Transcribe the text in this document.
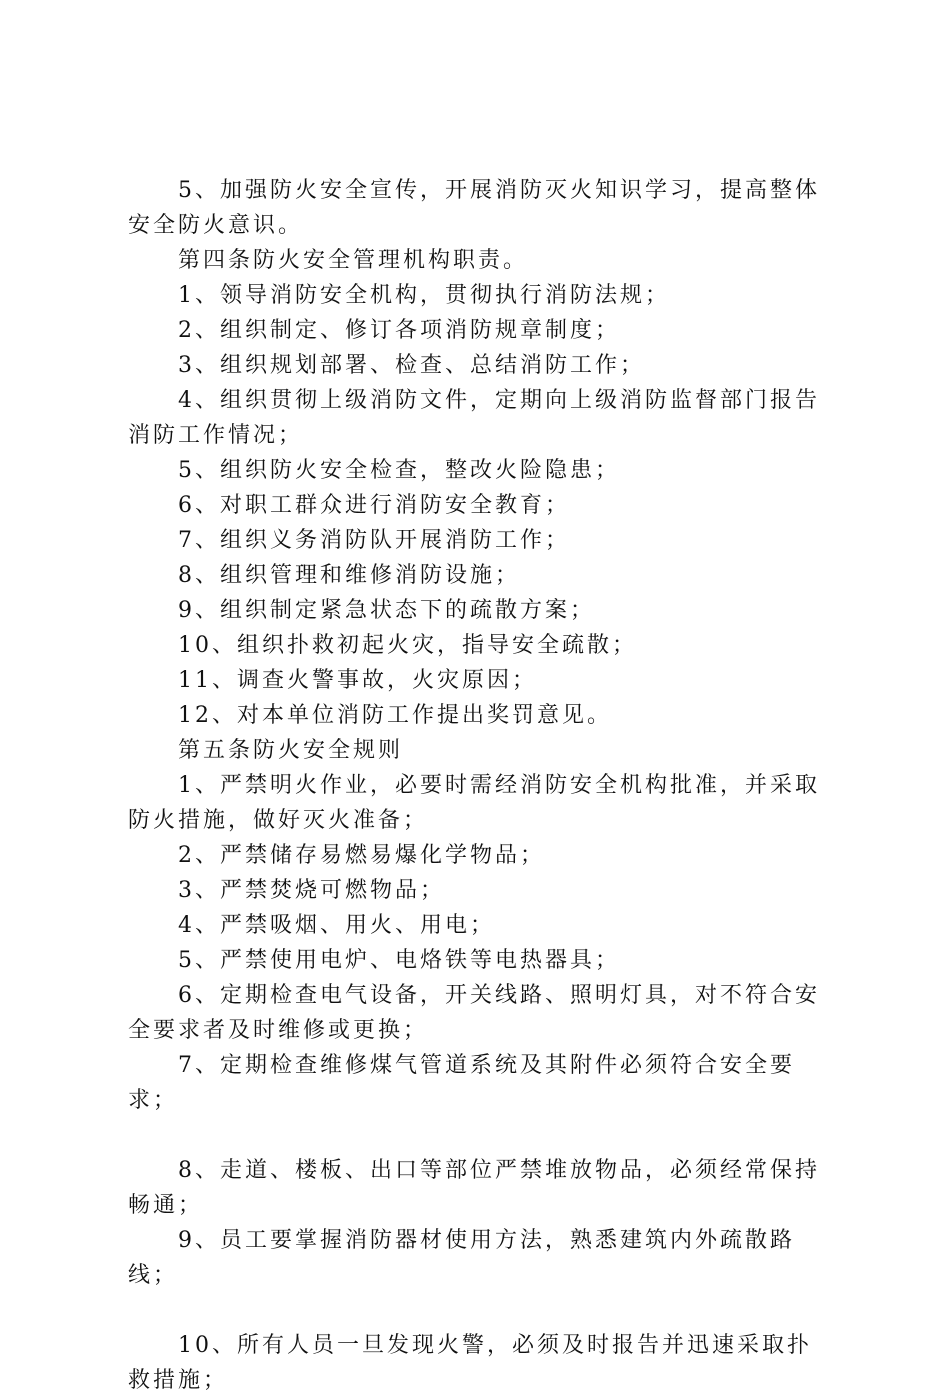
5、加强防火安全宣传，开展消防灭火知识学习，提高整体安全防火意识。

第四条防火安全管理机构职责。

1、领导消防安全机构，贯彻执行消防法规；

2、组织制定、修订各项消防规章制度；

3、组织规划部署、检查、总结消防工作；

4、组织贯彻上级消防文件，定期向上级消防监督部门报告消防工作情况；

5、组织防火安全检查，整改火险隐患；

6、对职工群众进行消防安全教育；

7、组织义务消防队开展消防工作；

8、组织管理和维修消防设施；

9、组织制定紧急状态下的疏散方案；

10、组织扑救初起火灾，指导安全疏散；

11、调查火警事故，火灾原因；

12、对本单位消防工作提出奖罚意见。

第五条防火安全规则

1、严禁明火作业，必要时需经消防安全机构批准，并采取防火措施，做好灭火准备；

2、严禁储存易燃易爆化学物品；

3、严禁焚烧可燃物品；

4、严禁吸烟、用火、用电；

5、严禁使用电炉、电烙铁等电热器具；

6、定期检查电气设备，开关线路、照明灯具，对不符合安全要求者及时维修或更换；

7、定期检查维修煤气管道系统及其附件必须符合安全要求；

8、走道、楼板、出口等部位严禁堆放物品，必须经常保持畅通；

9、员工要掌握消防器材使用方法，熟悉建筑内外疏散路线；

10、所有人员一旦发现火警，必须及时报告并迅速采取扑救措施；
